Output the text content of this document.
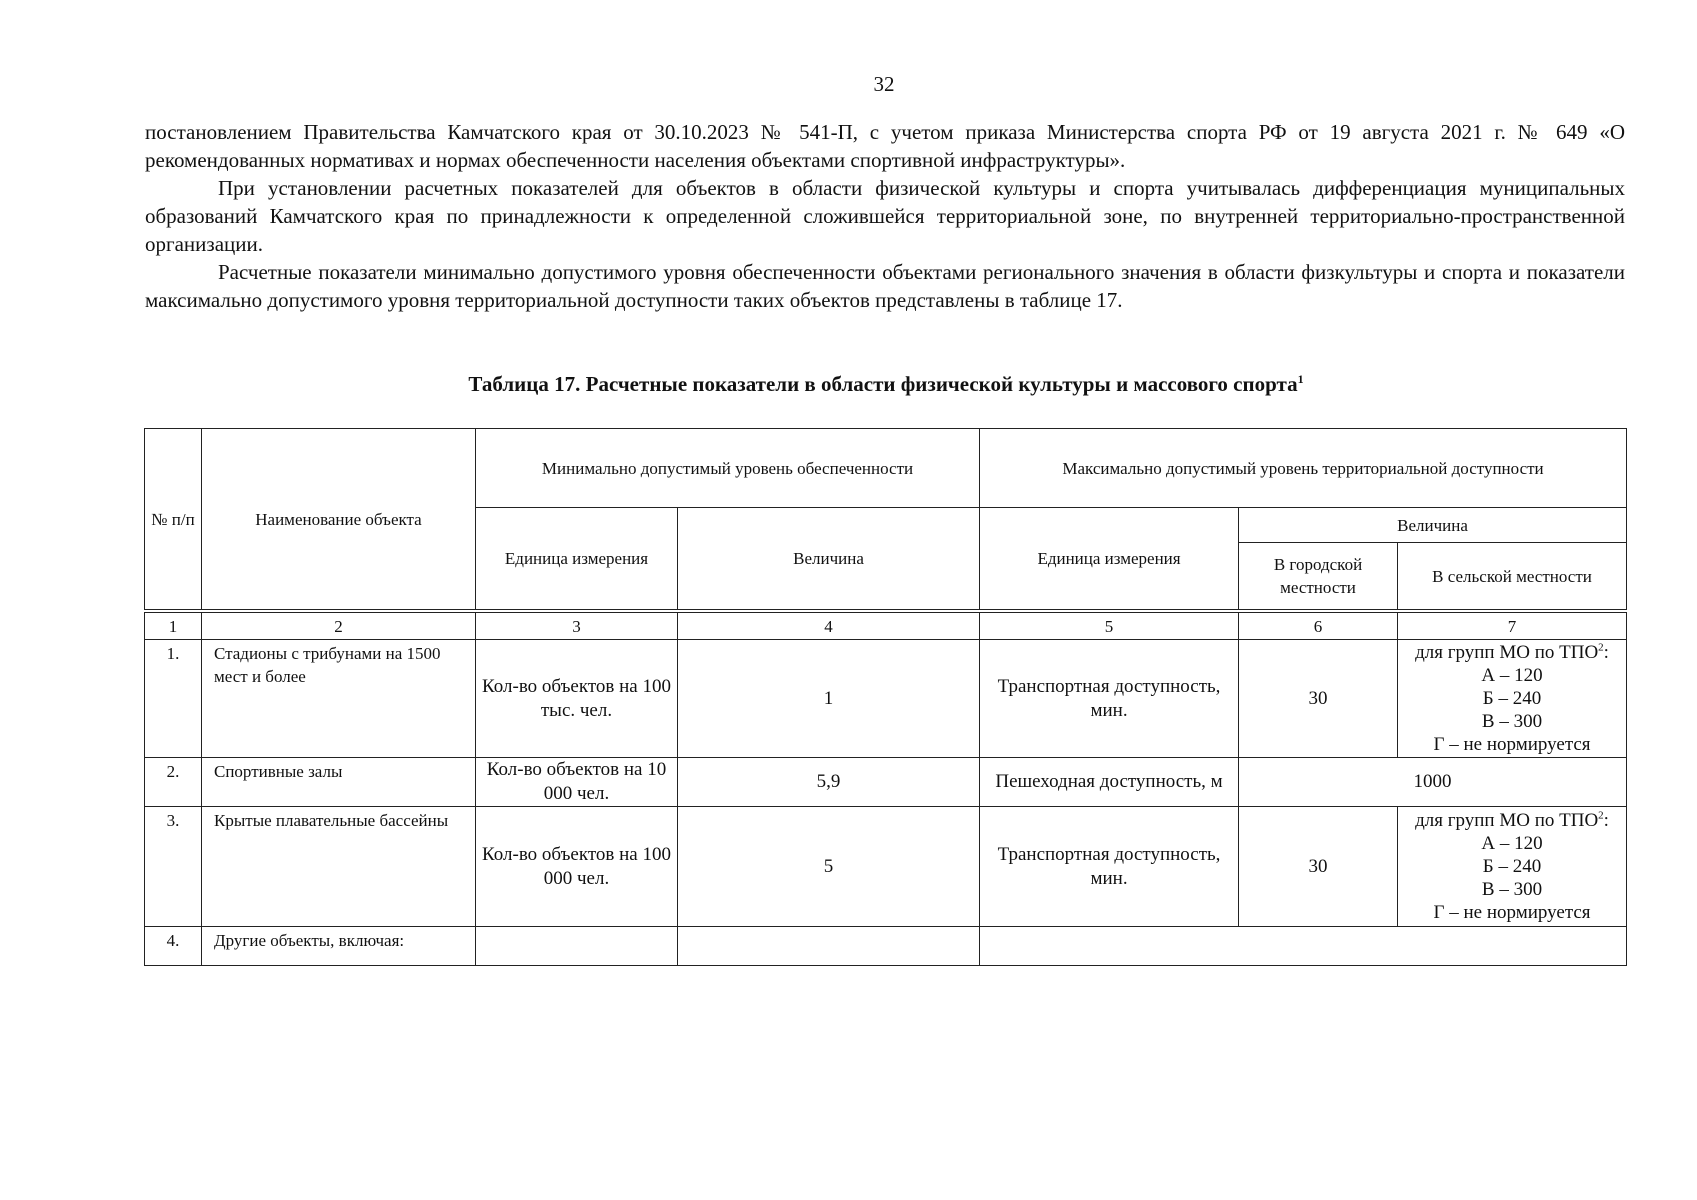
32

постановлением Правительства Камчатского края от 30.10.2023 № 541-П, с учетом приказа Министерства спорта РФ от 19 августа 2021 г. № 649 «О рекомендованных нормативах и нормах обеспеченности населения объектами спортивной инфраструктуры».

При установлении расчетных показателей для объектов в области физической культуры и спорта учитывалась дифференциация муниципальных образований Камчатского края по принадлежности к определенной сложившейся территориальной зоне, по внутренней территориально-пространственной организации.

Расчетные показатели минимально допустимого уровня обеспеченности объектами регионального значения в области физкультуры и спорта и показатели максимально допустимого уровня территориальной доступности таких объектов представлены в таблице 17.

Таблица 17. Расчетные показатели в области физической культуры и массового спорта$^1$
№ п/п	Наименование объекта	Минимально допустимый уровень обеспеченности		Максимально допустимый уровень территориальной доступности		
		Единица измерения	Величина	Единица измерения	Величина	
					В городской местности	В сельской местности
1	2	3	4	5	6	7
1.	Стадионы с трибунами на 1500 мест и более	Кол-во объектов на 100 тыс. чел.	1	Транспортная доступность, мин.	30	для групп МО по ТПО$^2$:
А – 120
Б – 240
В – 300
Г – не нормируется

2.	Спортивные залы	Кол-во объектов на 10 000 чел.	5,9	Пешеходная доступность, м	1000	
3.	Крытые плавательные бассейны	Кол-во объектов на 100 000 чел.	5	Транспортная доступность, мин.	30	для групп МО по ТПО$^2$:
А – 120
Б – 240
В – 300
Г – не нормируется

4.	Другие объекты, включая:					
